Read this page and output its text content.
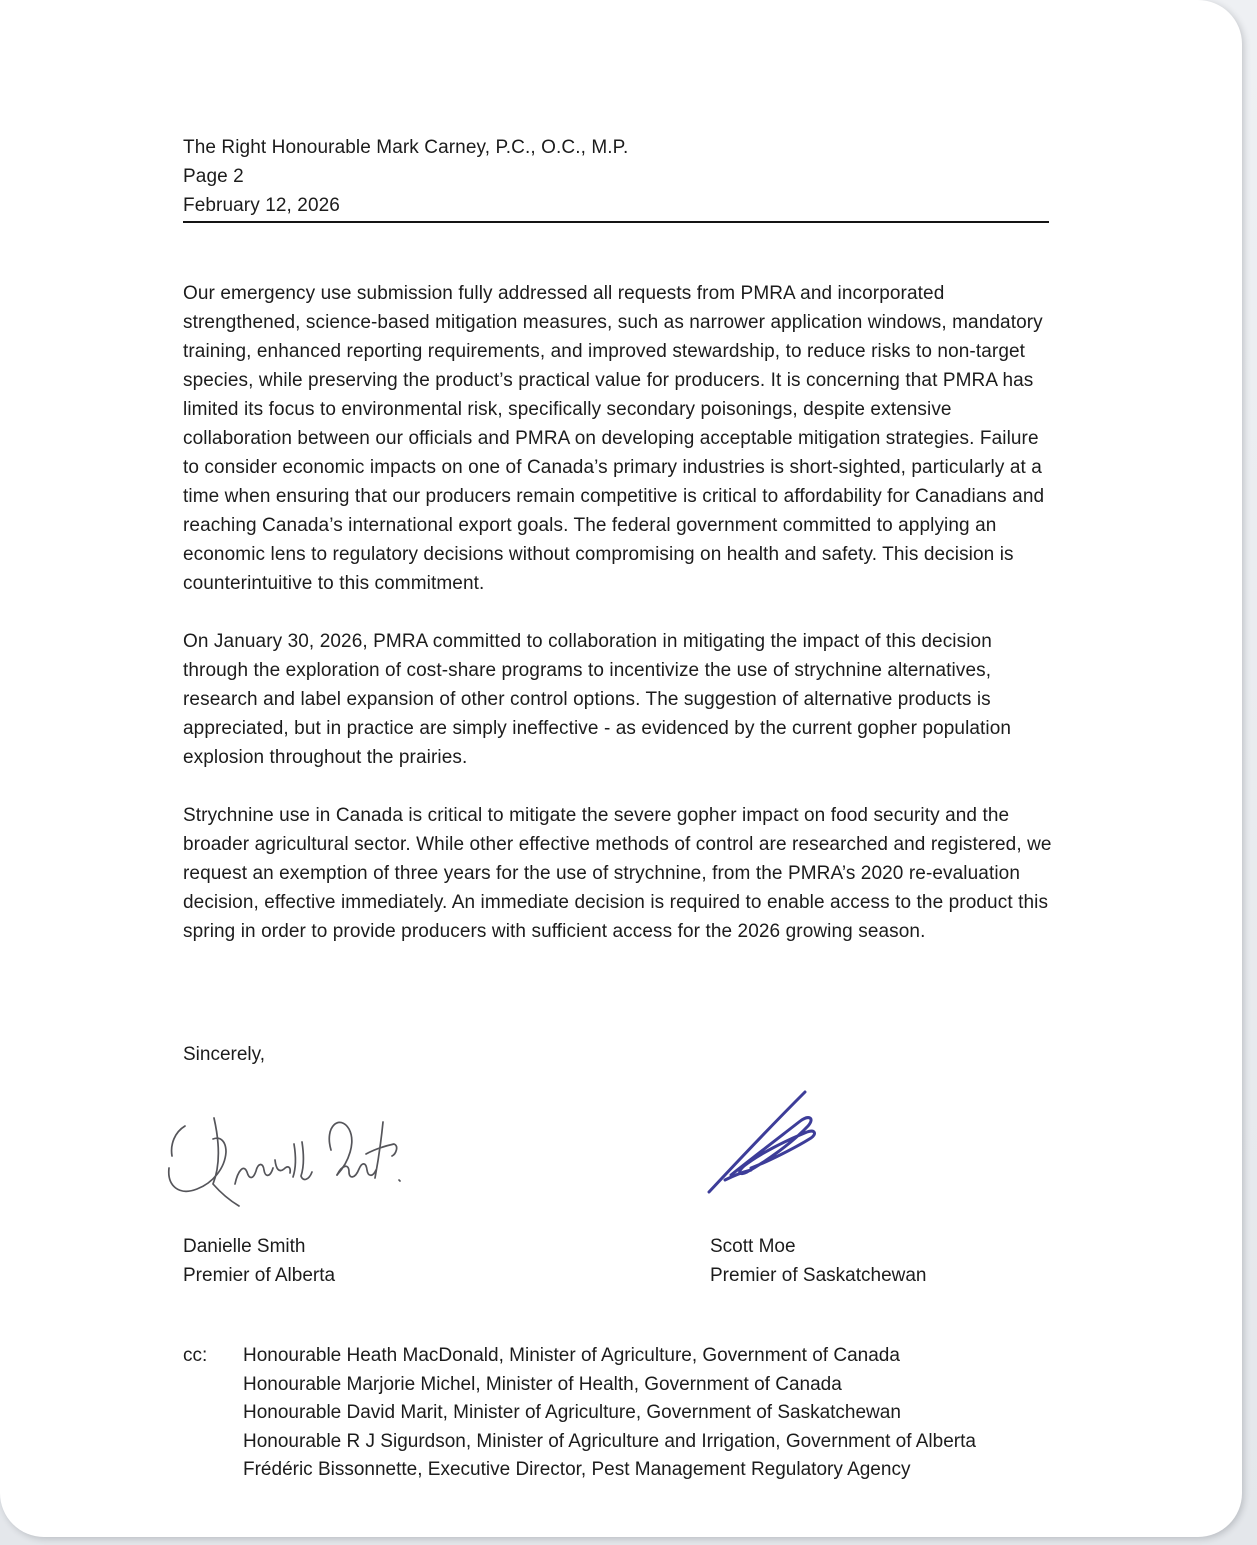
The Right Honourable Mark Carney, P.C., O.C., M.P.
Page 2
February 12, 2026

Our emergency use submission fully addressed all requests from PMRA and incorporated strengthened, science-based mitigation measures, such as narrower application windows, mandatory training, enhanced reporting requirements, and improved stewardship, to reduce risks to non-target species, while preserving the product’s practical value for producers. It is concerning that PMRA has limited its focus to environmental risk, specifically secondary poisonings, despite extensive collaboration between our officials and PMRA on developing acceptable mitigation strategies. Failure to consider economic impacts on one of Canada’s primary industries is short-sighted, particularly at a time when ensuring that our producers remain competitive is critical to affordability for Canadians and reaching Canada’s international export goals. The federal government committed to applying an economic lens to regulatory decisions without compromising on health and safety. This decision is counterintuitive to this commitment.

On January 30, 2026, PMRA committed to collaboration in mitigating the impact of this decision through the exploration of cost-share programs to incentivize the use of strychnine alternatives, research and label expansion of other control options. The suggestion of alternative products is appreciated, but in practice are simply ineffective - as evidenced by the current gopher population explosion throughout the prairies.

Strychnine use in Canada is critical to mitigate the severe gopher impact on food security and the broader agricultural sector. While other effective methods of control are researched and registered, we request an exemption of three years for the use of strychnine, from the PMRA’s 2020 re-evaluation decision, effective immediately. An immediate decision is required to enable access to the product this spring in order to provide producers with sufficient access for the 2026 growing season.

Sincerely,
Danielle Smith
Premier of Alberta
Scott Moe
Premier of Saskatchewan
cc: Honourable Heath MacDonald, Minister of Agriculture, Government of Canada
Honourable Marjorie Michel, Minister of Health, Government of Canada
Honourable David Marit, Minister of Agriculture, Government of Saskatchewan
Honourable R J Sigurdson, Minister of Agriculture and Irrigation, Government of Alberta
Frédéric Bissonnette, Executive Director, Pest Management Regulatory Agency
